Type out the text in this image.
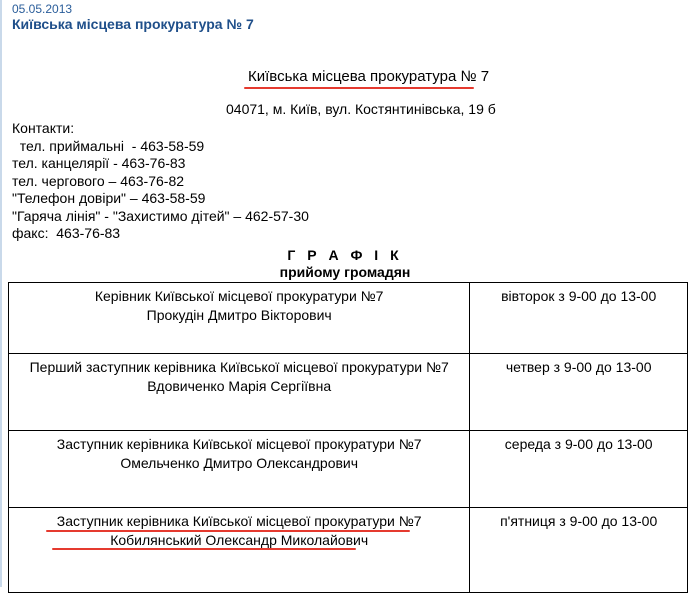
05.05.2013
Київська місцева прокуратура № 7
Київська місцева прокуратура № 7
04071, м. Київ, вул. Костянтинівська, 19 б
Контакти:
тел. приймальні  - 463-58-59
тел. канцелярії - 463-76-83
тел. чергового – 463-76-82
"Телефон довіри" – 463-58-59
"Гаряча лінія" - "Захистимо дітей" – 462-57-30
факс:  463-76-83
Г Р А Ф І К
прийому громадян
Керівник Київської місцевої прокуратури №7
Прокудін Дмитро Вікторович	вівторок з 9-00 до 13-00

Перший заступник керівника Київської місцевої прокуратури №7
Вдовиченко Марія Сергіївна	четвер з 9-00 до 13-00

Заступник керівника Київської місцевої прокуратури №7
Омельченко Дмитро Олександрович	середа з 9-00 до 13-00

Заступник керівника Київської місцевої прокуратури №7
Кобилянський Олександр Миколайович	п'ятниця з 9-00 до 13-00
